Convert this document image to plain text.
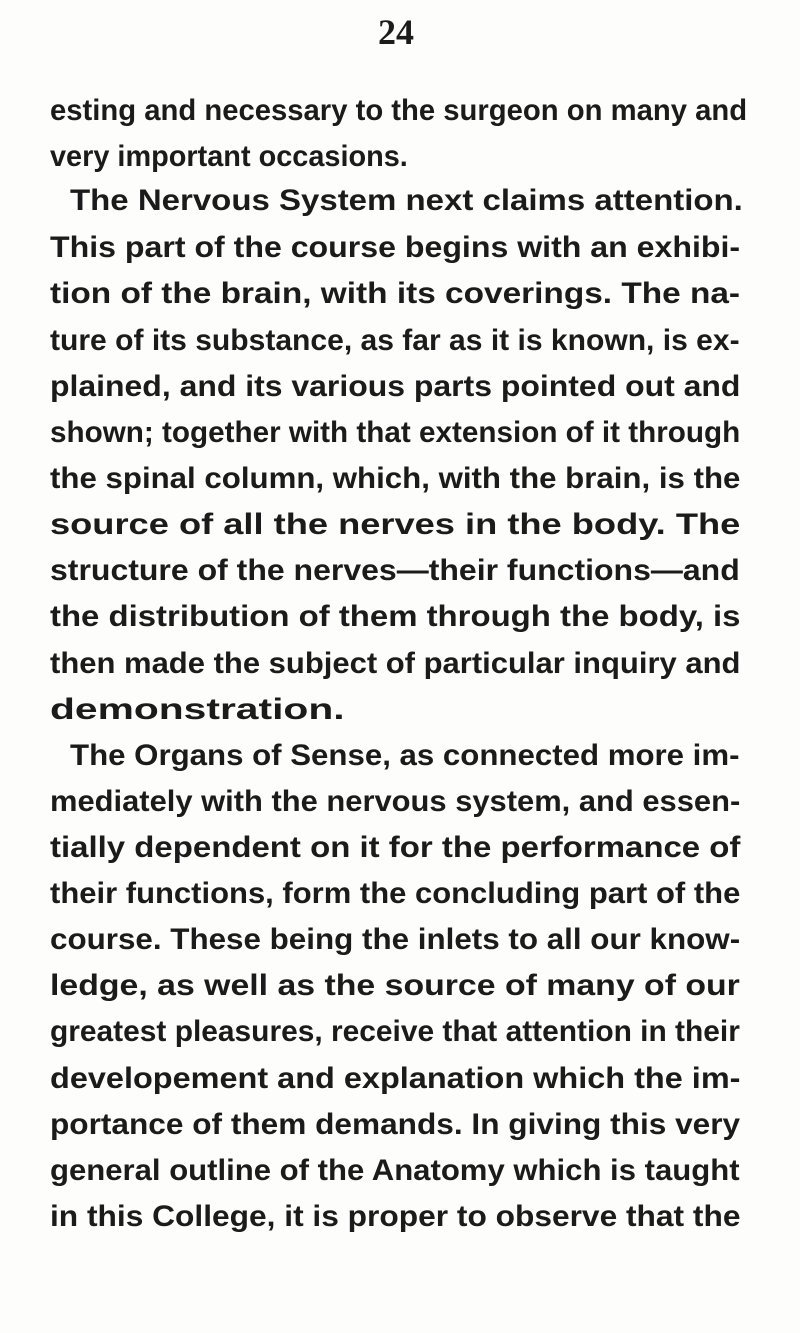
24
esting and necessary to the surgeon on many and
very important occasions.
The Nervous System next claims attention.
This part of the course begins with an exhibi-
tion of the brain, with its coverings. The na-
ture of its substance, as far as it is known, is ex-
plained, and its various parts pointed out and
shown; together with that extension of it through
the spinal column, which, with the brain, is the
source of all the nerves in the body. The
structure of the nerves—their functions—and
the distribution of them through the body, is
then made the subject of particular inquiry and
demonstration.
The Organs of Sense, as connected more im-
mediately with the nervous system, and essen-
tially dependent on it for the performance of
their functions, form the concluding part of the
course. These being the inlets to all our know-
ledge, as well as the source of many of our
greatest pleasures, receive that attention in their
developement and explanation which the im-
portance of them demands. In giving this very
general outline of the Anatomy which is taught
in this College, it is proper to observe that the
